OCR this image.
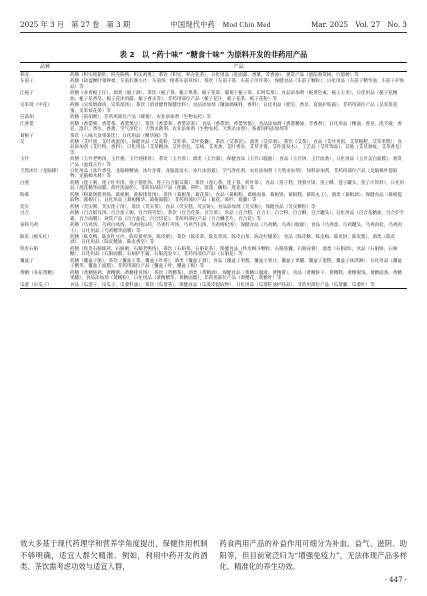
2025 年 3 月　第 27 卷　第 3 期	中国现代中药　Mod Chin Med	Mar. 2025　Vol. 27　No. 3
表 2　以 “药十味” “糖食十味” 为原料开发的非药用产品
品种	产品
枳壳	药膳（积实炖猪肚、积壳陈鸭、积实鸡煲），茶饮（积实、积壳花茶），日化用品（洗面露、香薰、芳香油），观赏产品（庭院观赏树、行道树）等
车前子	药膳（劫盘粳叶猪棒柔、车前扒肠小汁、车前汤、绿茶车前草汤），茶饮（车前子茶、车前子洋洋茶），保健食品（车前子颗粒），日化用品（车前子精华油、车前子护肤品）等
江栀子	药膳（多香栀子仔），酒类（栀子酒），茶饮（栀子茶、栀子果茶、栀子花茶、葡萄干栀子茶、东阿瓜茶），食品添加剂（栀黄色素、栀子玉米），日化用品（栀子花精油、栀子花香皂、栀子花沐浴露、栀子香水等），非药用部位产品（栀子花片，栀子花茶，栀子花粉）等
吴茱萸（中花）	药膳（吴萸煨鹿肉、吴茱萸汤），茶饮（消食健胃保健饮料），食品添加剂（镶油调味料、香料），日化用品（肥皂、香皂、宽面护肤霜）、非药用部位产品（吴茱萸花蜜、吴茱萸花茶）等
信前胡	药膳（前胡粥），非药用部位产品（蜂蜜）、农业添加剂（生物农药）等
江香薷	药膳（香薷粥、香薷茶、香薷煲豆），茶饮（香薷茶、香薷凉茶），食品（香薷饼、香薷果酱），食品添加剂（香薷精油、芳香剂），日化用品（精油、香皂、洗手液、香皂、湿巾、香水、香薰、空气净化），天然杀菌剂、农业添加剂（生物农药、天然杀虫剂）、畜禽饲料添加剂等
葛根子	茶饮（八味大发果茶饮），日化用品（精华液）等
艾	药膳（艾叶蛋、艾叶鸡蛋汤），保健食品（艾蒿粉、艾叶茶、艾叶胶囊）、茶饮（艾茶饮）、酒类（艾草酒）、茶饮（艾茶）、食品（艾叶青团、艾草糍粑、艾草米糕），食品添加剂（艾叶粉、香料），日化用品（艾草精油、艾叶浴包、艾绒、艾灸条、艾叶香皂、艾草牙膏、艾叶洗发水），工艺品（艾叶饰品），其他（艾草驱蚊、艾草香包）等
玉竹	药膳（玉竹老鸭汤、玉竹粥、玉竹炖排骨），茶饮（玉竹茶），酒类（玉竹酒），保健食品（玉竹口服液），食品（玉竹饼、玉竹面条），日化用品（玉竹美白面膜），观赏产品（盆栽玉竹）等
天然冰片（龙脑樟）	日化用品（冰片香皂、龙脑樟精油、冰片牙膏、龙脑洗发水、冰片沐浴露），空气净化剂，农业添加剂（天然杀虫剂）、饲料添加剂，非药用部位产品（龙脑樟叶提取物、龙脑樟木材）等
白莲	药膳（莲子粥、莲子红枣汤、莲子猪肚汤、莲子百合银耳羹），茶饮（莲心茶、莲子茶、荷叶茶），食品（莲子糕、莲蓉月饼、莲子酥、莲子罐头、莲子汁饮料），日化用品（莲花精华面膜、荷叶洗面奶），非药用部位产品（莲藕、荷叶、莲蓬、藕粉、莲花茶）等
粉葛	药膳（粉葛煲猪骨汤、葛根粥、葛根排骨汤），茶饮（葛根茶、葛花茶），食品（葛根粉、葛根面条、葛根饼、葛根糕、葛粉丸子），酒类（葛根酒），保健食品（葛根提取物、葛根片），日化用品（葛根精华、葛根面膜），非药用部位产品（葛花、葛叶、葛藤）等
奕实	药膳（芡实粥、芡实莲子汤），茶饮（芡实茶），食品（芡实糕、芡实饼），食品添加剂（芡实粉），保健食品（芡实颗粒）等
百合	药膳（百合银耳汤、百合莲子粥、百合炖雪梨），茶饮（百合花茶、百合茶），食品（百合糕、百合干、百合粉、百合酥、百合罐头），日化用品（百合花精油、百合护手霜、百合面膜），观赏产品（百合盆花、百合切花），非药用部位产品（百合鳞茎片、百合花）等
泰和乌鸡	药膳（乌鸡汤、乌鸡白凤汤、乌鸡炖山药、乌鸡红枣汤、乌鸡当归汤、乌鸡枸杞汤），保健食品（乌鸡精、乌鸡口服液），食品（乌鸡蛋、乌鸡罐头、乌鸡肉松、乌鸡肉干），日化用品（乌鸡精华面膜）等
陈皮（樟头红）	药膳（陈皮鸭、陈皮红豆沙、陈皮排骨汤、陈皮粥），茶饮（陈皮茶、陈皮普洱、陈皮白茶、陈皮柠檬茶），食品（陈皮糖、陈皮梅、陈皮饼、陈皮酱），酒类（陈皮酒），日化用品（陈皮精油、陈皮香皂）等
铁皮石斛	药膳（铁皮石斛炖鸡、石斛粥、石斛老鸭汤），茶饮（石斛茶、石斛花茶），保健食品（铁皮枫斗颗粒、石斛胶囊、石斛浸膏），酒类（石斛酒），食品（石斛饼、石斛糖），日化用品（石斛面膜、石斛护手霜、石斛洗发水），非药用部位产品（石斛花）等
覆盆子	药膳（覆盆子粥），茶饮（覆盆子茶、覆盆子叶茶），酒类（覆盆子酒），食品（覆盆子果酱、覆盆子果汁、覆盆子果脯、覆盆子蛋糕、覆盆子冰淇淋），日化用品（覆盆子精华、覆盆子面膜），非药用部位产品（覆盆子叶、覆盆子根）等
黄精（多花黄精）	药膳（黄精炖鸡、黄精粥、黄精排骨汤），茶饮（黄精茶），酒类（黄精酒），保健食品（黄精口服液、黄精膏），食品（黄精饼干、黄精糕、黄精蜜饯、黄精面条、黄精果脯），食品添加剂（黄精粉），日化用品（黄精精华、黄精面膜），非药用部位产品（黄精花、黄精叶）等
瓜蒌（吊瓜子）	食品（瓜蒌子、吊瓜子、瓜蒌籽油），茶饮（瓜蒌茶），保健食品（瓜蒌皮提取物），日化用品（瓜蒌籽油护肤品），非药用部位产品（瓜蒌藤、瓜蒌叶）等

效大多基于现代药理学和营养学角度提出，保健作用机制不够明确，适宜人群欠精准。例如，利用中药开发的酒类、茶饮需考虑功效与适宜人群，

药食两用产品的补益作用可细分为补血、益气、滋阴、助阳等，但目前宽泛归为“增强免疫力”，无法体现产品多样化、精准化的养生功效。

· 447 ·
